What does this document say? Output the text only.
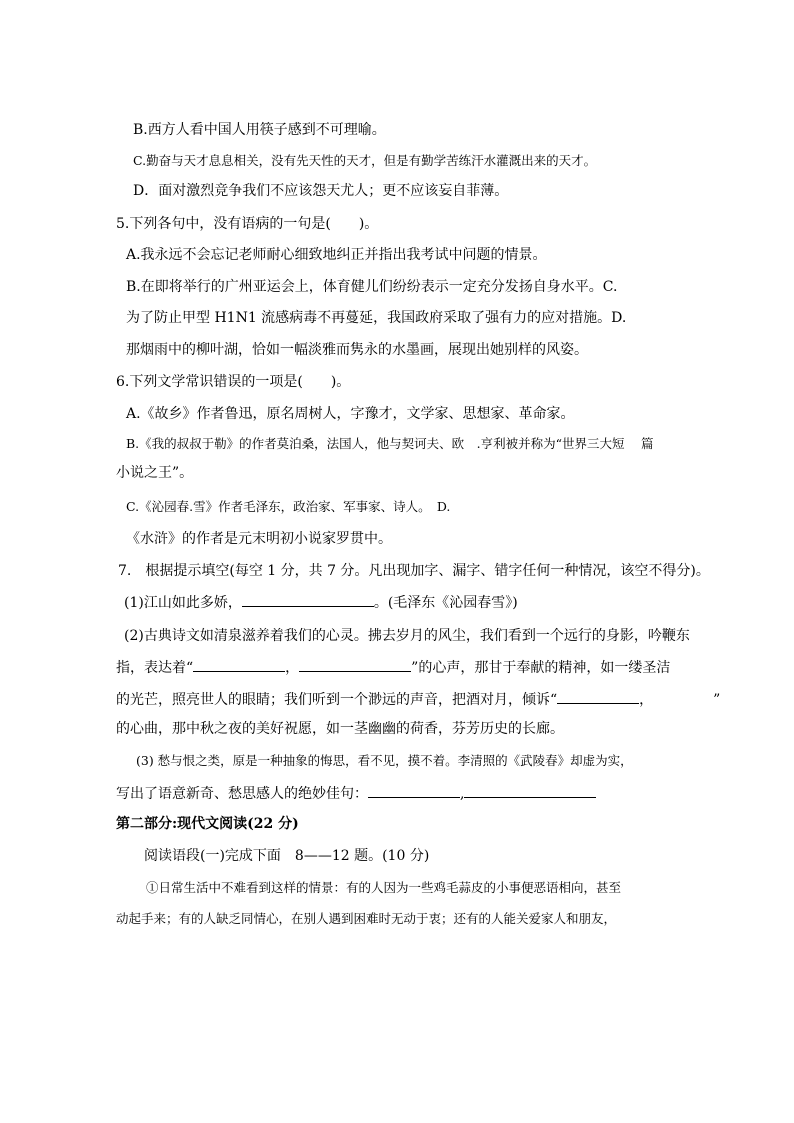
B.西方人看中国人用筷子感到不可理喻。
C.勤奋与天才息息相关，没有先天性的天才，但是有勤学苦练汗水灌溉出来的天才。
D．面对激烈竞争我们不应该怨天尤人；更不应该妄自菲薄。
5.下列各句中，没有语病的一句是(　　)。
A.我永远不会忘记老师耐心细致地纠正并指出我考试中问题的情景。
B.在即将举行的广州亚运会上，体育健儿们纷纷表示一定充分发扬自身水平。C.
为了防止甲型 H1N1 流感病毒不再蔓延，我国政府采取了强有力的应对措施。D.
那烟雨中的柳叶湖，恰如一幅淡雅而隽永的水墨画，展现出她别样的风姿。
6.下列文学常识错误的一项是(　　)。
A.《故乡》作者鲁迅，原名周树人，字豫才，文学家、思想家、革命家。
B.《我的叔叔于勒》的作者莫泊桑，法国人，他与契诃夫、欧　.亨利被并称为“世界三大短　 篇
小说之王”。
C.《沁园春.雪》作者毛泽东，政治家、军事家、诗人。　D.
《水浒》的作者是元末明初小说家罗贯中。
7.　根据提示填空(每空 1 分，共 7 分。凡出现加字、漏字、错字任何一种情况，该空不得分)。
(1)江山如此多娇，	。(毛泽东《沁园春雪》)
(2)古典诗文如清泉滋养着我们的心灵。拂去岁月的风尘，我们看到一个远行的身影，吟鞭东
指，表达着“	，	”的心声，那甘于奉献的精神，如一缕圣洁
的光芒，照亮世人的眼睛；我们听到一个渺远的声音，把酒对月，倾诉“	，	”
的心曲，那中秋之夜的美好祝愿，如一茎幽幽的荷香，芬芳历史的长廊。
(3) 愁与恨之类，原是一种抽象的悔思，看不见，摸不着。李清照的《武陵春》却虚为实，
写出了语意新奇、愁思感人的绝妙佳句：	,
第二部分:现代文阅读(22 分)
阅读语段(一)完成下面　8——12 题。(10 分)
①日常生活中不难看到这样的情景：有的人因为一些鸡毛蒜皮的小事便恶语相向，甚至
动起手来；有的人缺乏同情心，在别人遇到困难时无动于衷；还有的人能关爱家人和朋友，
